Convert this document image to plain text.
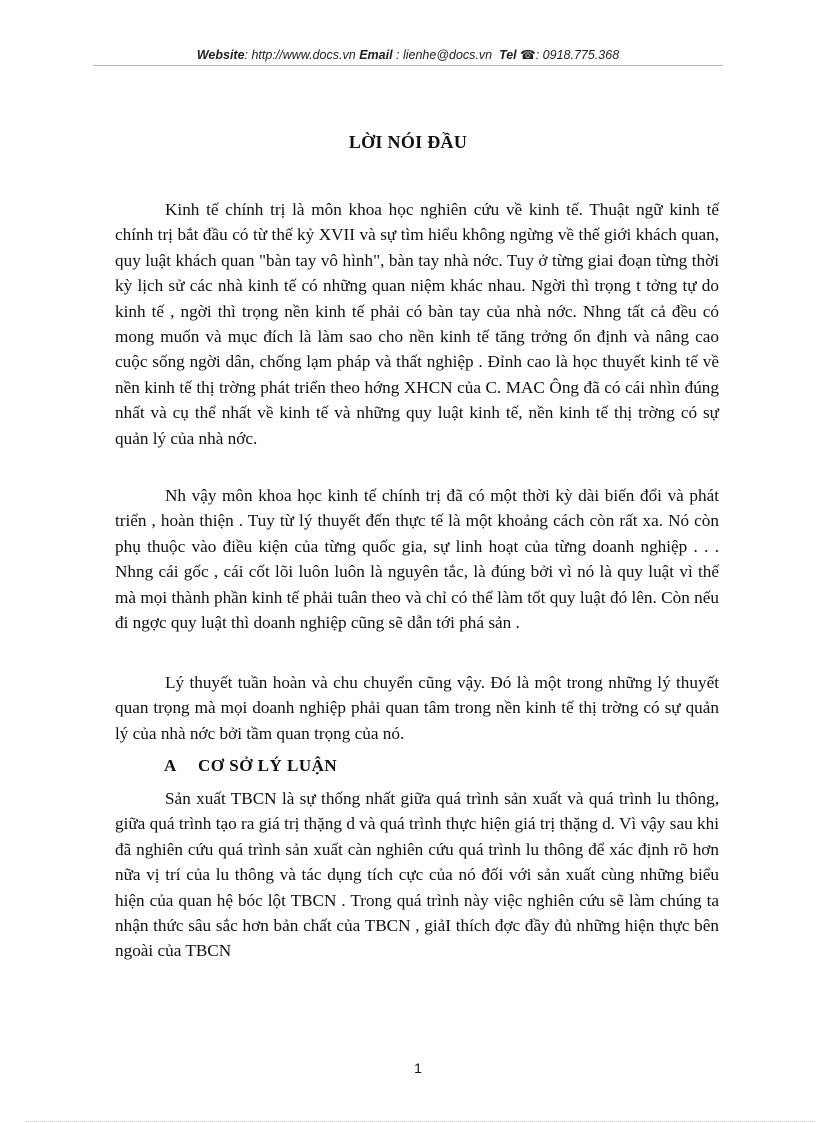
Website: http://www.docs.vn Email : lienhe@docs.vn Tel ☎: 0918.775.368
LỜI NÓI ĐẦU

Kinh tế chính trị là môn khoa học nghiên cứu về kinh tế. Thuật ngữ kinh tế chính trị bắt đầu có từ thế kỷ XVII và sự tìm hiểu không ngừng về thế giới khách quan, quy luật khách quan "bàn tay vô hình", bàn tay nhà nớc. Tuy ở từng giai đoạn từng thời kỳ lịch sử các nhà kinh tế có những quan niệm khác nhau. Ngời thì trọng t tởng tự do kinh tế , ngời thì trọng nền kinh tế phải có bàn tay của nhà nớc. Nhng tất cả đều có mong muốn và mục đích là làm sao cho nền kinh tế tăng trởng ổn định và nâng cao cuộc sống ngời dân, chống lạm pháp và thất nghiệp . Đỉnh cao là học thuyết kinh tế về nền kinh tế thị trờng phát triển theo hớng XHCN của C. MAC Ông đã có cái nhìn đúng nhất và cụ thể nhất về kinh tế và những quy luật kinh tế, nền kinh tế thị trờng có sự quản lý của nhà nớc.

Nh vậy môn khoa học kinh tế chính trị đã có một thời kỳ dài biến đổi và phát triển , hoàn thiện . Tuy từ lý thuyết đến thực tế là một khoảng cách còn rất xa. Nó còn phụ thuộc vào điều kiện của từng quốc gia, sự linh hoạt của từng doanh nghiệp . . . Nhng cái gốc , cái cốt lõi luôn luôn là nguyên tắc, là đúng bởi vì nó là quy luật vì thế mà mọi thành phần kinh tế phải tuân theo và chỉ có thể làm tốt quy luật đó lên. Còn nếu đi ngợc quy luật thì doanh nghiệp cũng sẽ dẫn tới phá sản .

Lý thuyết tuần hoàn và chu chuyển cũng vậy. Đó là một trong những lý thuyết quan trọng mà mọi doanh nghiệp phải quan tâm trong nền kinh tế thị trờng có sự quản lý của nhà nớc bởi tầm quan trọng của nó.

A CƠ SỞ LÝ LUẬN

Sản xuất TBCN là sự thống nhất giữa quá trình sản xuất và quá trình lu thông, giữa quá trình tạo ra giá trị thặng d và quá trình thực hiện giá trị thặng d. Vì vậy sau khi đã nghiên cứu quá trình sản xuất càn nghiên cứu quá trình lu thông để xác định rõ hơn nữa vị trí của lu thông và tác dụng tích cực của nó đối với sản xuất cùng những biểu hiện của quan hệ bóc lột TBCN . Trong quá trình này việc nghiên cứu sẽ làm chúng ta nhận thức sâu sắc hơn bản chất của TBCN , giảI thích đợc đầy đủ những hiện thực bên ngoài của TBCN

1
